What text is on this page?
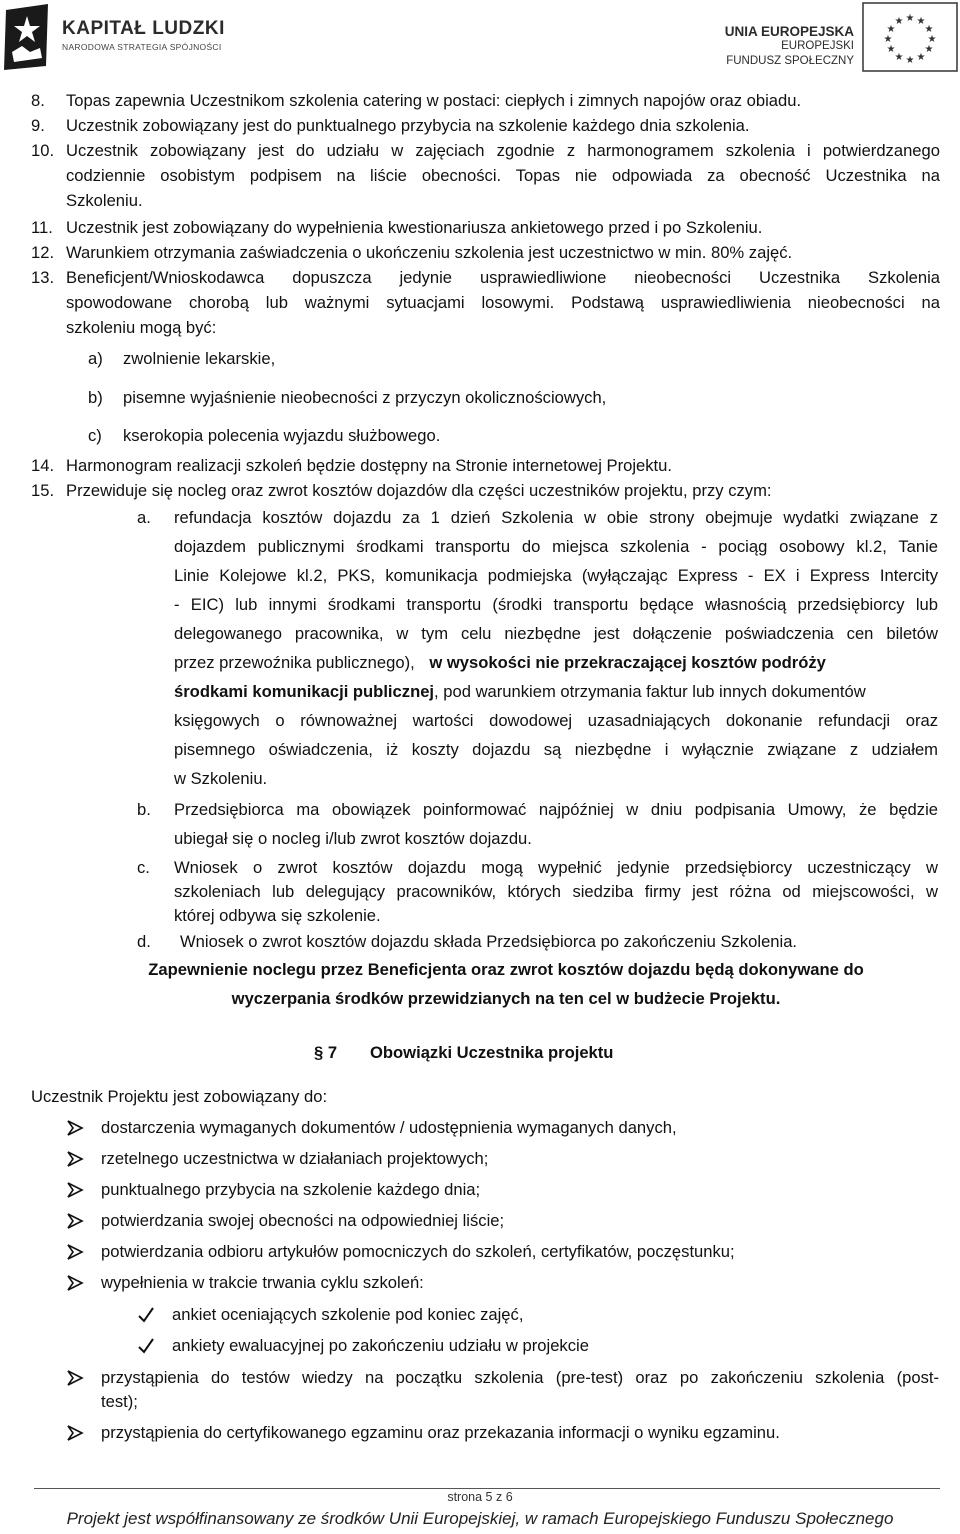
KAPITAŁ LUDZKI
NARODOWA STRATEGIA SPÓJNOŚCI
UNIA EUROPEJSKA
EUROPEJSKI
FUNDUSZ SPOŁECZNY
★ ★
★
★
★
★
★
★
★
★
★
★
8. Topas zapewnia Uczestnikom szkolenia catering w postaci: ciepłych i zimnych napojów oraz obiadu.
9. Uczestnik zobowiązany jest do punktualnego przybycia na szkolenie każdego dnia szkolenia.
10. Uczestnik zobowiązany jest do udziału w zajęciach zgodnie z harmonogramem szkolenia i potwierdzanego
codziennie osobistym podpisem na liście obecności. Topas nie odpowiada za obecność Uczestnika na
Szkoleniu.
11. Uczestnik jest zobowiązany do wypełnienia kwestionariusza ankietowego przed i po Szkoleniu.
12. Warunkiem otrzymania zaświadczenia o ukończeniu szkolenia jest uczestnictwo w min. 80% zajęć.
13. Beneficjent/Wnioskodawca dopuszcza jedynie usprawiedliwione nieobecności Uczestnika Szkolenia
spowodowane chorobą lub ważnymi sytuacjami losowymi. Podstawą usprawiedliwienia nieobecności na
szkoleniu mogą być:
a) zwolnienie lekarskie,
b) pisemne wyjaśnienie nieobecności z przyczyn okolicznościowych,
c) kserokopia polecenia wyjazdu służbowego.
14. Harmonogram realizacji szkoleń będzie dostępny na Stronie internetowej Projektu.
15. Przewiduje się nocleg oraz zwrot kosztów dojazdów dla części uczestników projektu, przy czym:
a. refundacja kosztów dojazdu za 1 dzień Szkolenia w obie strony obejmuje wydatki związane z
dojazdem publicznymi środkami transportu do miejsca szkolenia - pociąg osobowy kl.2, Tanie
Linie Kolejowe kl.2, PKS, komunikacja podmiejska (wyłączając Express - EX i Express Intercity
- EIC) lub innymi środkami transportu (środki transportu będące własnością przedsiębiorcy lub
delegowanego pracownika, w tym celu niezbędne jest dołączenie poświadczenia cen biletów
przez przewoźnika publicznego), w wysokości nie przekraczającej kosztów podróży
środkami komunikacji publicznej, pod warunkiem otrzymania faktur lub innych dokumentów
księgowych o równoważnej wartości dowodowej uzasadniających dokonanie refundacji oraz
pisemnego oświadczenia, iż koszty dojazdu są niezbędne i wyłącznie związane z udziałem
w Szkoleniu.
b. Przedsiębiorca ma obowiązek poinformować najpóźniej w dniu podpisania Umowy, że będzie
ubiegał się o nocleg i/lub zwrot kosztów dojazdu.
c. Wniosek o zwrot kosztów dojazdu mogą wypełnić jedynie przedsiębiorcy uczestniczący w
szkoleniach lub delegujący pracowników, których siedziba firmy jest różna od miejscowości, w
której odbywa się szkolenie.
d. Wniosek o zwrot kosztów dojazdu składa Przedsiębiorca po zakończeniu Szkolenia.
Zapewnienie noclegu przez Beneficjenta oraz zwrot kosztów dojazdu będą dokonywane do
wyczerpania środków przewidzianych na ten cel w budżecie Projektu.
§ 7 Obowiązki Uczestnika projektu
Uczestnik Projektu jest zobowiązany do:
dostarczenia wymaganych dokumentów / udostępnienia wymaganych danych,
rzetelnego uczestnictwa w działaniach projektowych;
punktualnego przybycia na szkolenie każdego dnia;
potwierdzania swojej obecności na odpowiedniej liście;
potwierdzania odbioru artykułów pomocniczych do szkoleń, certyfikatów, poczęstunku;
wypełnienia w trakcie trwania cyklu szkoleń:
ankiet oceniających szkolenie pod koniec zajęć,
ankiety ewaluacyjnej po zakończeniu udziału w projekcie
przystąpienia do testów wiedzy na początku szkolenia (pre-test) oraz po zakończeniu szkolenia (post-
test);
przystąpienia do certyfikowanego egzaminu oraz przekazania informacji o wyniku egzaminu.
strona 5 z 6
Projekt jest współfinansowany ze środków Unii Europejskiej, w ramach Europejskiego Funduszu Społecznego
